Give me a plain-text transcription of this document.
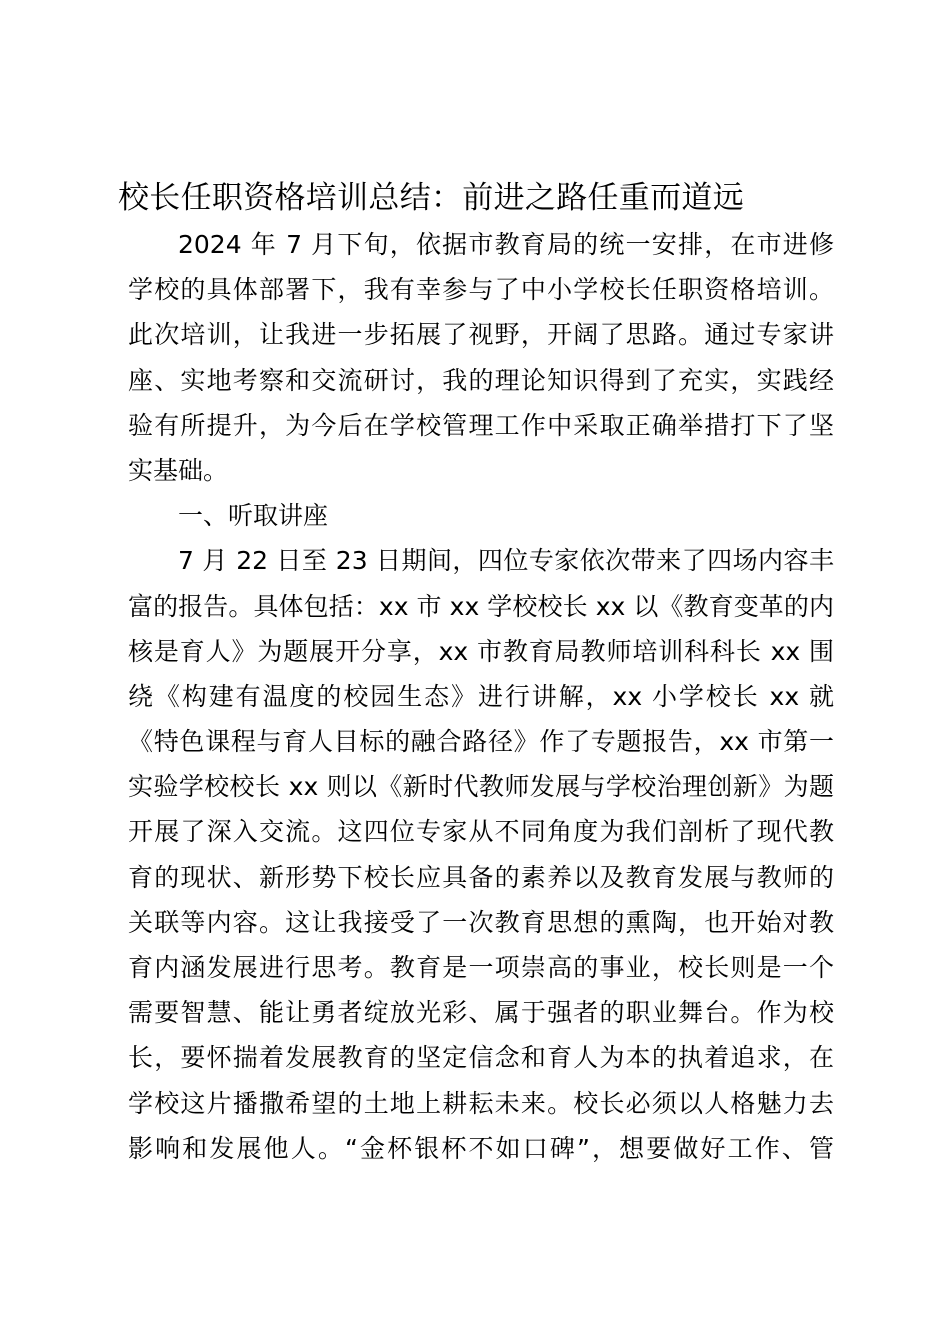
校长任职资格培训总结：前进之路任重而道远
2024 年 7 月下旬，依据市教育局的统一安排，在市进修
学校的具体部署下，我有幸参与了中小学校长任职资格培训。
此次培训，让我进一步拓展了视野，开阔了思路。通过专家讲
座、实地考察和交流研讨，我的理论知识得到了充实，实践经
验有所提升，为今后在学校管理工作中采取正确举措打下了坚
实基础。
一、听取讲座
7 月 22 日至 23 日期间，四位专家依次带来了四场内容丰
富的报告。具体包括：xx 市 xx 学校校长 xx 以《教育变革的内
核是育人》为题展开分享，xx 市教育局教师培训科科长 xx 围
绕《构建有温度的校园生态》进行讲解，xx 小学校长 xx 就
《特色课程与育人目标的融合路径》作了专题报告，xx 市第一
实验学校校长 xx 则以《新时代教师发展与学校治理创新》为题
开展了深入交流。这四位专家从不同角度为我们剖析了现代教
育的现状、新形势下校长应具备的素养以及教育发展与教师的
关联等内容。这让我接受了一次教育思想的熏陶，也开始对教
育内涵发展进行思考。教育是一项崇高的事业，校长则是一个
需要智慧、能让勇者绽放光彩、属于强者的职业舞台。作为校
长，要怀揣着发展教育的坚定信念和育人为本的执着追求，在
学校这片播撒希望的土地上耕耘未来。校长必须以人格魅力去
影响和发展他人。“金杯银杯不如口碑”，想要做好工作、管
